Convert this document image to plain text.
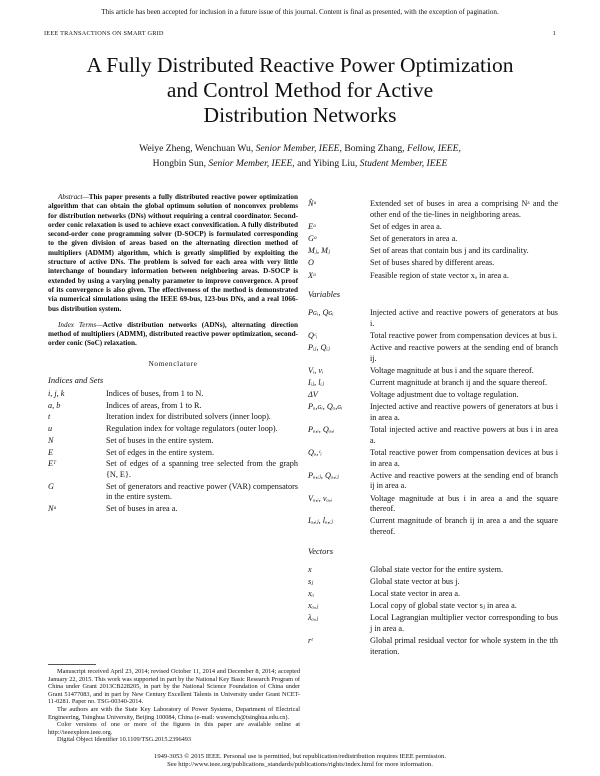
This article has been accepted for inclusion in a future issue of this journal. Content is final as presented, with the exception of pagination.
IEEE TRANSACTIONS ON SMART GRID	1
A Fully Distributed Reactive Power Optimization
and Control Method for Active
Distribution Networks
Weiye Zheng, Wenchuan Wu, Senior Member, IEEE, Boming Zhang, Fellow, IEEE,
Hongbin Sun, Senior Member, IEEE, and Yibing Liu, Student Member, IEEE

Abstract—This paper presents a fully distributed reactive power optimization algorithm that can obtain the global optimum solution of nonconvex problems for distribution networks (DNs) without requiring a central coordinator. Second-order conic relaxation is used to achieve exact convexification. A fully distributed second-order cone programming solver (D-SOCP) is formulated corresponding to the given division of areas based on the alternating direction method of multipliers (ADMM) algorithm, which is greatly simplified by exploiting the structure of active DNs. The problem is solved for each area with very little interchange of boundary information between neighboring areas. D-SOCP is extended by using a varying penalty parameter to improve convergence. A proof of its convergence is also given. The effectiveness of the method is demonstrated via numerical simulations using the IEEE 69-bus, 123-bus DNs, and a real 1066-bus distribution system.

Index Terms—Active distribution networks (ADNs), alternating direction method of multipliers (ADMM), distributed reactive power optimization, second-order conic (SoC) relaxation.

Nomenclature
Indices and Sets
i, j, k	Indices of buses, from 1 to N.
a, b	Indices of areas, from 1 to R.
t	Iteration index for distributed solvers (inner loop).
u	Regulation index for voltage regulators (outer loop).
N	Set of buses in the entire system.
E	Set of edges in the entire system.
Eᵀ	Set of edges of a spanning tree selected from the graph {N, E}.
G	Set of generators and reactive power (VAR) compensators in the entire system.
Nᵃ	Set of buses in area a.
N̂ᵃ	Extended set of buses in area a comprising Nᵃ and the other end of the tie-lines in neighboring areas.
Eᵃ	Set of edges in area a.
Gᵃ	Set of generators in area a.
Mⱼ, Mⱼ	Set of areas that contain bus j and its cardinality.
O	Set of buses shared by different areas.
Xᵃ	Feasible region of state vector xₐ in area a.
Variables
Pɢᵢ, Qɢᵢ	Injected active and reactive powers of generators at bus i.
Qᶜᵢ	Total reactive power from compensation devices at bus i.
Pᵢⱼ, Qᵢⱼ	Active and reactive powers at the sending end of branch ij.
Vᵢ, vᵢ	Voltage magnitude at bus i and the square thereof.
Iᵢⱼ, lᵢⱼ	Current magnitude at branch ij and the square thereof.
ΔV	Voltage adjustment due to voltage regulation.
Pₐ,ɢᵢ, Qₐ,ɢᵢ	Injected active and reactive powers of generators at bus i in area a.
Pₐ,ᵢ, Qₐ,ᵢ	Total injected active and reactive powers at bus i in area a.
Qₐ,ᶜᵢ	Total reactive power from compensation devices at bus i in area a.
Pₐ,ᵢⱼ, Qₐ,ᵢⱼ	Active and reactive powers at the sending end of branch ij in area a.
Vₐ,ᵢ, vₐ,ᵢ	Voltage magnitude at bus i in area a and the square thereof.
Iₐ,ᵢⱼ, lₐ,ᵢⱼ	Current magnitude of branch ij in area a and the square thereof.
Vectors
x	Global state vector for the entire system.
sⱼ	Global state vector at bus j.
xₐ	Local state vector in area a.
xₐ,ⱼ	Local copy of global state vector sⱼ in area a.
λₐ,ⱼ	Local Lagrangian multiplier vector corresponding to bus j in area a.
rᵗ	Global primal residual vector for whole system in the tth iteration.

Manuscript received April 23, 2014; revised October 11, 2014 and December 8, 2014; accepted January 22, 2015. This work was supported in part by the National Key Basic Research Program of China under Grant 2013CB228205, in part by the National Science Foundation of China under Grant 51477083, and in part by New Century Excellent Talents in University under Grant NCET-11-0281. Paper no. TSG-00340-2014.

The authors are with the State Key Laboratory of Power Systems, Department of Electrical Engineering, Tsinghua University, Beijing 100084, China (e-mail: wuwench@tsinghua.edu.cn).

Color versions of one or more of the figures in this paper are available online at http://ieeexplore.ieee.org.

Digital Object Identifier 10.1109/TSG.2015.2396493

1949-3053 © 2015 IEEE. Personal use is permitted, but republication/redistribution requires IEEE permission.
See http://www.ieee.org/publications_standards/publications/rights/index.html for more information.
